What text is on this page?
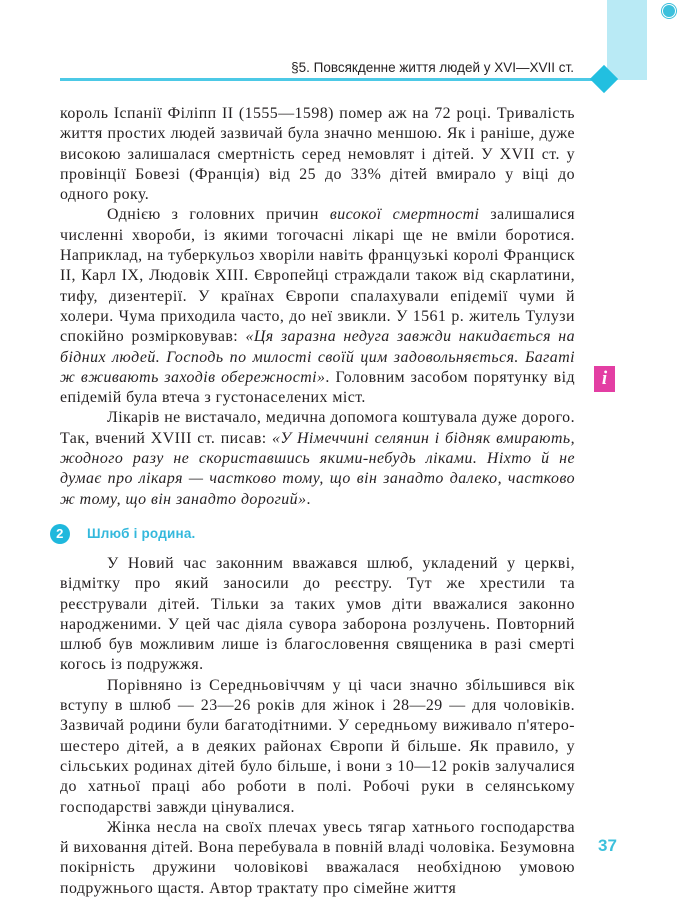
§5. Повсякденне життя людей у XVI—XVII ст.

король Іспанії Філіпп II (1555—1598) помер аж на 72 році. Тривалість життя простих людей зазвичай була значно меншою. Як і раніше, дуже високою залишалася смертність серед немовлят і дітей. У XVII ст. у провінції Бовезі (Франція) від 25 до 33% дітей вмирало у віці до одного року.

Однією з головних причин високої смертності залишалися численні хвороби, із якими тогочасні лікарі ще не вміли боротися. Наприклад, на туберкульоз хворіли навіть французькі королі Франциск II, Карл IX, Людовік XIII. Європейці страждали також від скарлатини, тифу, дизентерії. У країнах Європи спалахували епідемії чуми й холери. Чума приходила часто, до неї звикли. У 1561 р. житель Тулузи спокійно розмірковував: «Ця заразна недуга завжди накидається на бідних людей. Господь по милості своїй цим задовольняється. Багаті ж вживають заходів обережності». Головним засобом порятунку від епідемій була втеча з густонаселених міст.

Лікарів не вистачало, медична допомога коштувала дуже дорого. Так, вчений XVIII ст. писав: «У Німеччині селянин і бідняк вмирають, жодного разу не скориставшись якими-небудь ліками. Ніхто й не думає про лікаря — частково тому, що він занадто далеко, частково ж тому, що він занадто дорогий».

2	Шлюб і родина.

У Новий час законним вважався шлюб, укладений у церкві, відмітку про який заносили до реєстру. Тут же хрестили та реєстрували дітей. Тільки за таких умов діти вважалися законно народженими. У цей час діяла сувора заборона розлучень. Повторний шлюб був можливим лише із благословення священика в разі смерті когось із подружжя.

Порівняно із Середньовіччям у ці часи значно збільшився вік вступу в шлюб — 23—26 років для жінок і 28—29 — для чоловіків. Зазвичай родини були багатодітними. У середньому виживало п'ятеро-шестеро дітей, а в деяких районах Європи й більше. Як правило, у сільських родинах дітей було більше, і вони з 10—12 років залучалися до хатньої праці або роботи в полі. Робочі руки в селянському господарстві завжди цінувалися.

Жінка несла на своїх плечах увесь тягар хатнього господарства й виховання дітей. Вона перебувала в повній владі чоловіка. Безумовна покірність дружини чоловікові вважалася необхідною умовою подружнього щастя. Автор трактату про сімейне життя

i
37
